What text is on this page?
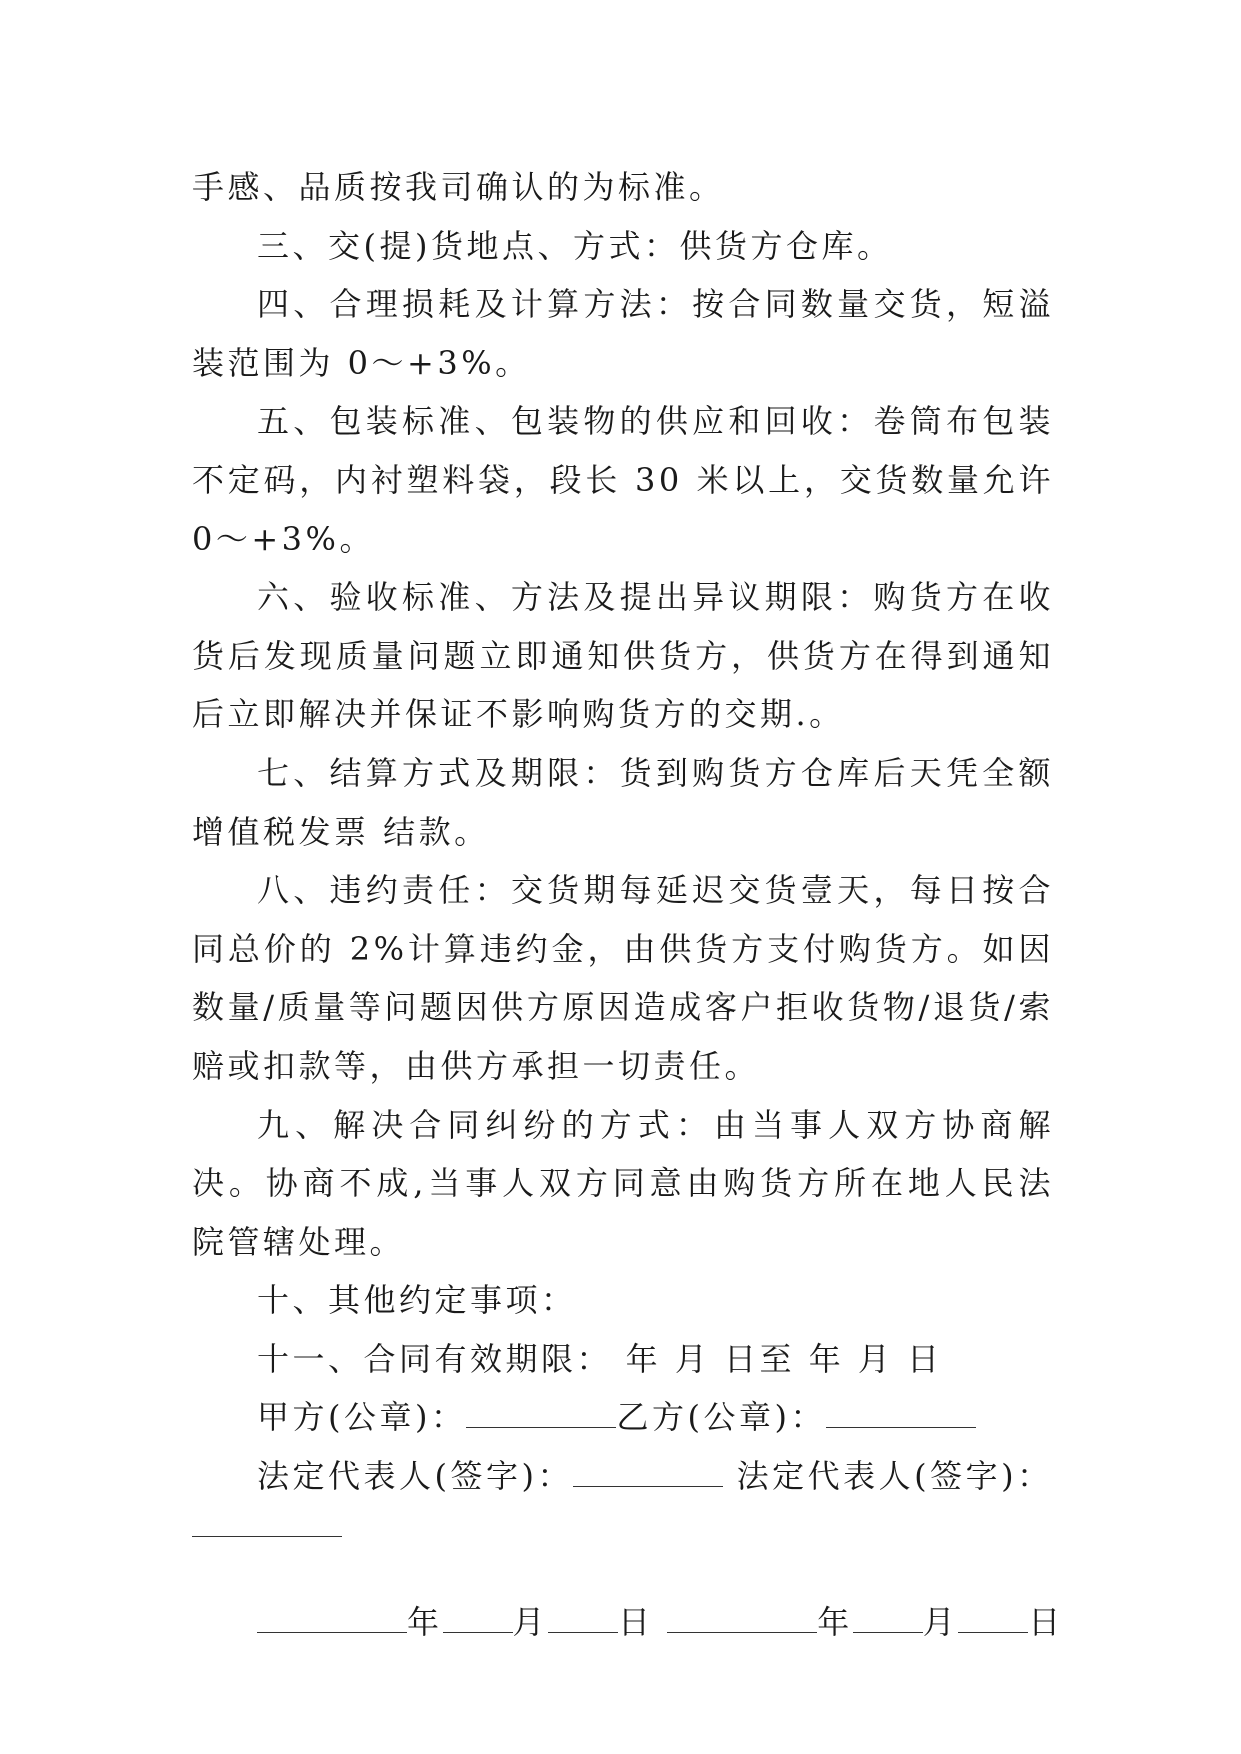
手感、品质按我司确认的为标准。

三、交(提)货地点、方式：供货方仓库。

四、合理损耗及计算方法：按合同数量交货，短溢装范围为 0～+3%。

五、包装标准、包装物的供应和回收：卷筒布包装不定码，内衬塑料袋，段长 30 米以上，交货数量允许 0～+3%。

六、验收标准、方法及提出异议期限：购货方在收货后发现质量问题立即通知供货方，供货方在得到通知后立即解决并保证不影响购货方的交期.。

七、结算方式及期限：货到购货方仓库后天凭全额增值税发票 结款。

八、违约责任：交货期每延迟交货壹天，每日按合同总价的 2%计算违约金，由供货方支付购货方。如因数量/质量等问题因供方原因造成客户拒收货物/退货/索赔或扣款等，由供方承担一切责任。

九、解决合同纠纷的方式：由当事人双方协商解决。协商不成,当事人双方同意由购货方所在地人民法院管辖处理。

十、其他约定事项：

十一、合同有效期限： 年 月 日至 年 月 日

甲方(公章)：	乙方(公章)：

法定代表人(签字)：	法定代表人(签字)：

年 月 日	年 月 日
